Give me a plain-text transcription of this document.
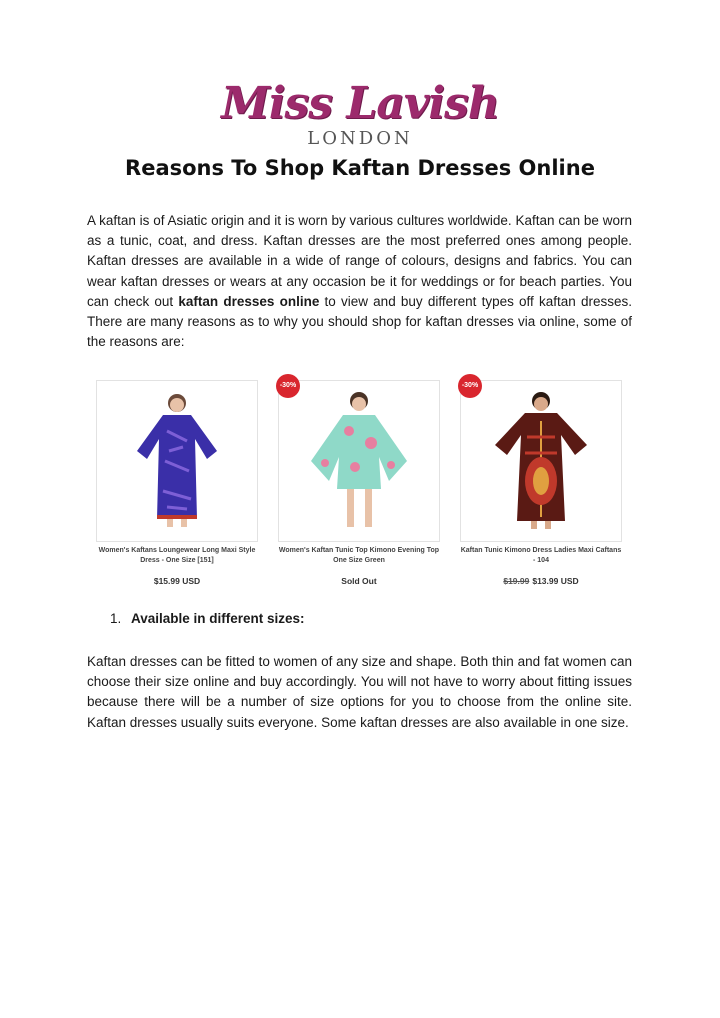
Miss Lavish
LONDON
Reasons To Shop Kaftan Dresses Online
A kaftan is of Asiatic origin and it is worn by various cultures worldwide. Kaftan can be worn as a tunic, coat, and dress. Kaftan dresses are the most preferred ones among people. Kaftan dresses are available in a wide of range of colours, designs and fabrics. You can wear kaftan dresses or wears at any occasion be it for weddings or for beach parties. You can check out kaftan dresses online to view and buy different types off kaftan dresses. There are many reasons as to why you should shop for kaftan dresses via online, some of the reasons are:
Women's Kaftans Loungewear Long Maxi Style Dress - One Size [151]
$15.99 USD
-30%
Women's Kaftan Tunic Top Kimono Evening Top One Size Green
Sold Out
-30%
Kaftan Tunic Kimono Dress Ladies Maxi Caftans - 104
$19.99 $13.99 USD
1. Available in different sizes:
Kaftan dresses can be fitted to women of any size and shape. Both thin and fat women can choose their size online and buy accordingly. You will not have to worry about fitting issues because there will be a number of size options for you to choose from the online site. Kaftan dresses usually suits everyone. Some kaftan dresses are also available in one size.
